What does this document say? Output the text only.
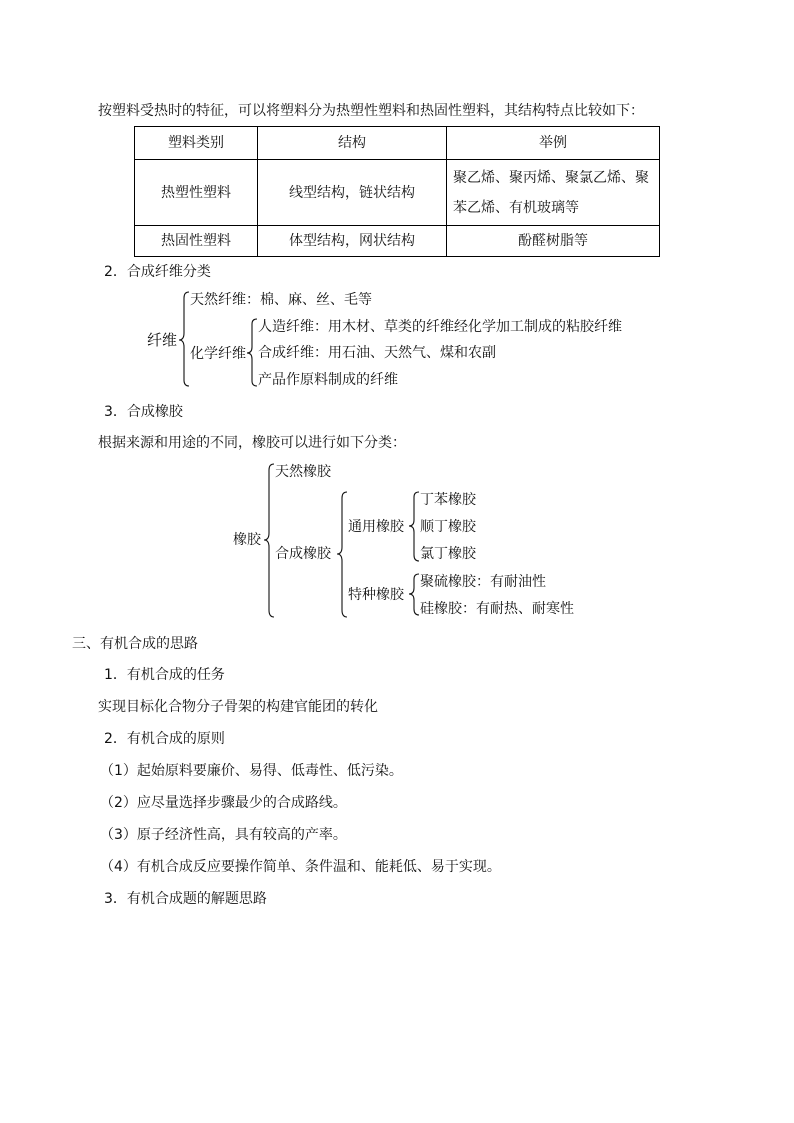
按塑料受热时的特征，可以将塑料分为热塑性塑料和热固性塑料，其结构特点比较如下：
塑料类别	结构	举例
热塑性塑料	线型结构，链状结构	聚乙烯、聚丙烯、聚氯乙烯、聚苯乙烯、有机玻璃等
热固性塑料	体型结构，网状结构	酚醛树脂等
2．合成纤维分类
纤维
天然纤维：棉、麻、丝、毛等
化学纤维
人造纤维：用木材、草类的纤维经化学加工制成的粘胶纤维
合成纤维：用石油、天然气、煤和农副
产品作原料制成的纤维
3．合成橡胶
根据来源和用途的不同，橡胶可以进行如下分类：
橡胶
天然橡胶
合成橡胶
通用橡胶
丁苯橡胶
顺丁橡胶
氯丁橡胶
特种橡胶
聚硫橡胶：有耐油性
硅橡胶：有耐热、耐寒性
三、有机合成的思路
1．有机合成的任务
实现目标化合物分子骨架的构建官能团的转化
2．有机合成的原则
（1）起始原料要廉价、易得、低毒性、低污染。
（2）应尽量选择步骤最少的合成路线。
（3）原子经济性高，具有较高的产率。
（4）有机合成反应要操作简单、条件温和、能耗低、易于实现。
3．有机合成题的解题思路
